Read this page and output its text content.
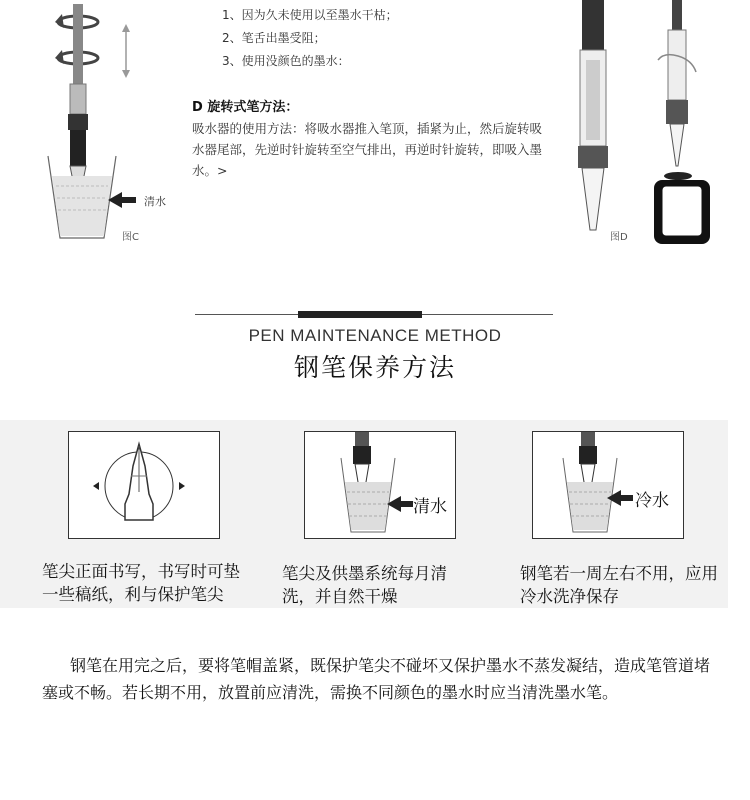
清水
图C
1、因为久未使用以至墨水干枯；
2、笔舌出墨受阻；
3、使用没颜色的墨水：
D 旋转式笔方法：
吸水器的使用方法：将吸水器推入笔顶，插紧为止，然后旋转吸水器尾部，先逆时针旋转至空气排出，再逆时针旋转，即吸入墨水。>
图D
PEN MAINTENANCE METHOD
钢笔保养方法
清水	冷水
笔尖正面书写，书写时可垫一些稿纸，利与保护笔尖
笔尖及供墨系统每月清洗，并自然干燥
钢笔若一周左右不用，应用冷水洗净保存
钢笔在用完之后，要将笔帽盖紧，既保护笔尖不碰坏又保护墨水不蒸发凝结，造成笔管道堵塞或不畅。若长期不用，放置前应清洗，需换不同颜色的墨水时应当清洗墨水笔。
